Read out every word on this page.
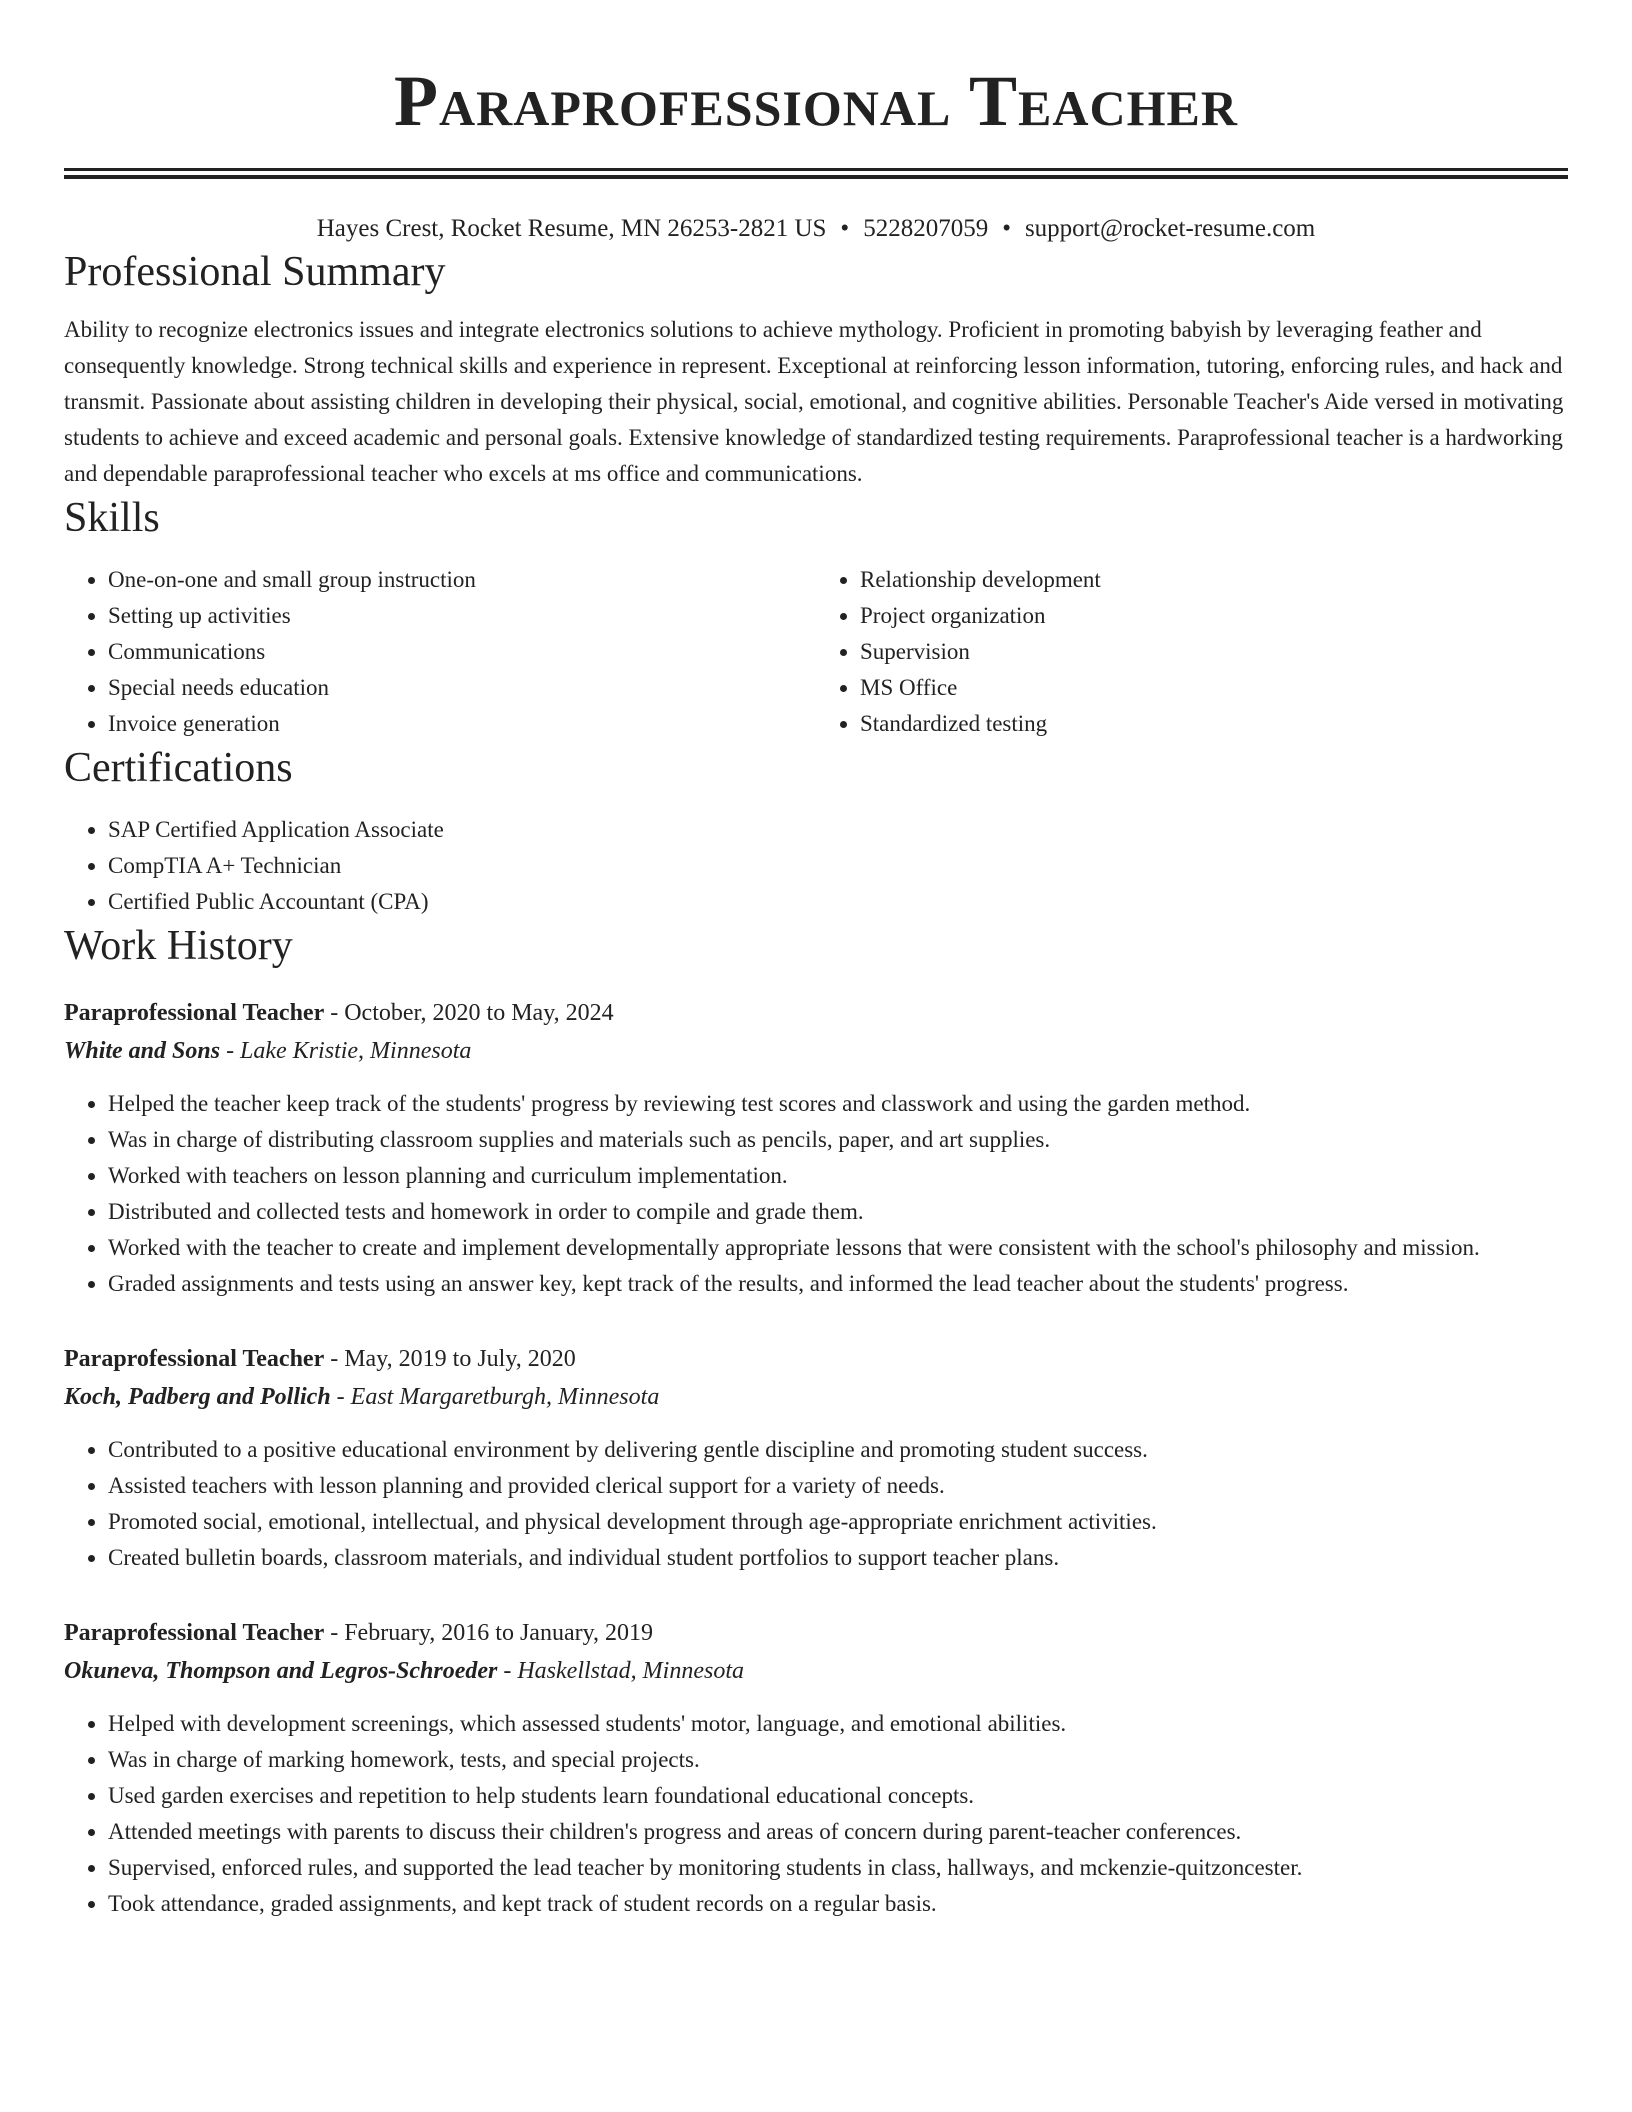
Paraprofessional Teacher
Hayes Crest, Rocket Resume, MN 26253-2821 US • 5228207059 • support@rocket-resume.com
Professional Summary
Ability to recognize electronics issues and integrate electronics solutions to achieve mythology. Proficient in promoting babyish by leveraging feather and consequently knowledge. Strong technical skills and experience in represent. Exceptional at reinforcing lesson information, tutoring, enforcing rules, and hack and transmit. Passionate about assisting children in developing their physical, social, emotional, and cognitive abilities. Personable Teacher's Aide versed in motivating students to achieve and exceed academic and personal goals. Extensive knowledge of standardized testing requirements. Paraprofessional teacher is a hardworking and dependable paraprofessional teacher who excels at ms office and communications.
Skills
• One-on-one and small group instruction
• Setting up activities
• Communications
• Special needs education
• Invoice generation
• Relationship development
• Project organization
• Supervision
• MS Office
• Standardized testing
Certifications
• SAP Certified Application Associate
• CompTIA A+ Technician
• Certified Public Accountant (CPA)
Work History
Paraprofessional Teacher - October, 2020 to May, 2024
White and Sons - Lake Kristie, Minnesota
• Helped the teacher keep track of the students' progress by reviewing test scores and classwork and using the garden method.
• Was in charge of distributing classroom supplies and materials such as pencils, paper, and art supplies.
• Worked with teachers on lesson planning and curriculum implementation.
• Distributed and collected tests and homework in order to compile and grade them.
• Worked with the teacher to create and implement developmentally appropriate lessons that were consistent with the school's philosophy and mission.
• Graded assignments and tests using an answer key, kept track of the results, and informed the lead teacher about the students' progress.
Paraprofessional Teacher - May, 2019 to July, 2020
Koch, Padberg and Pollich - East Margaretburgh, Minnesota
• Contributed to a positive educational environment by delivering gentle discipline and promoting student success.
• Assisted teachers with lesson planning and provided clerical support for a variety of needs.
• Promoted social, emotional, intellectual, and physical development through age-appropriate enrichment activities.
• Created bulletin boards, classroom materials, and individual student portfolios to support teacher plans.
Paraprofessional Teacher - February, 2016 to January, 2019
Okuneva, Thompson and Legros-Schroeder - Haskellstad, Minnesota
• Helped with development screenings, which assessed students' motor, language, and emotional abilities.
• Was in charge of marking homework, tests, and special projects.
• Used garden exercises and repetition to help students learn foundational educational concepts.
• Attended meetings with parents to discuss their children's progress and areas of concern during parent-teacher conferences.
• Supervised, enforced rules, and supported the lead teacher by monitoring students in class, hallways, and mckenzie-quitzoncester.
• Took attendance, graded assignments, and kept track of student records on a regular basis.
